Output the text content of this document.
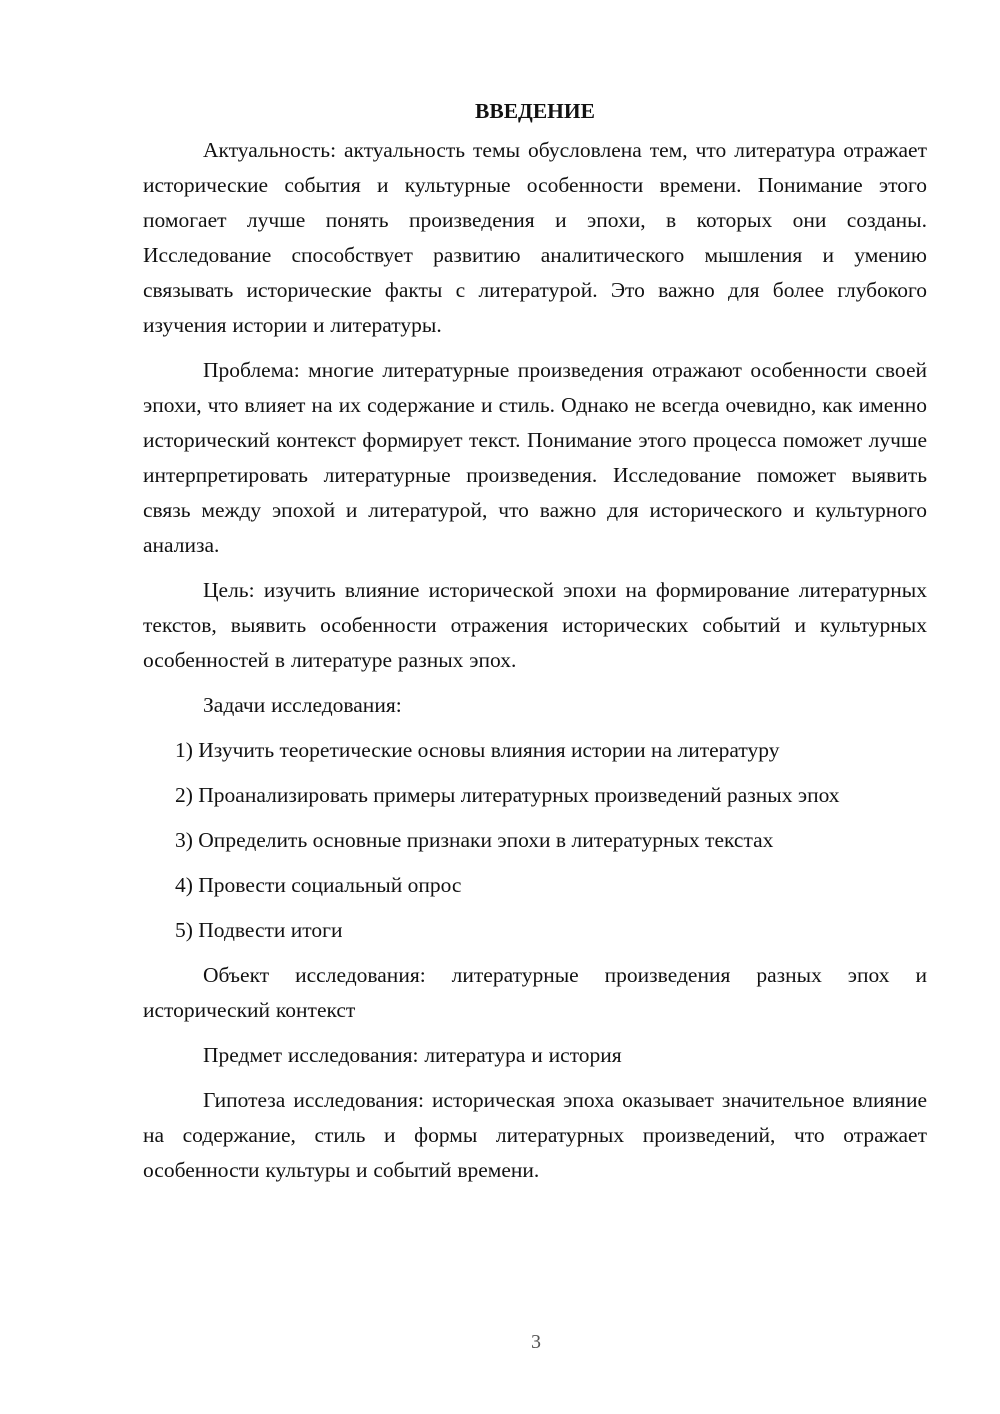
ВВЕДЕНИЕ

Актуальность: актуальность темы обусловлена тем, что литература отражает исторические события и культурные особенности времени. Понимание этого помогает лучше понять произведения и эпохи, в которых они созданы. Исследование способствует развитию аналитического мышления и умению связывать исторические факты с литературой. Это важно для более глубокого изучения истории и литературы.

Проблема: многие литературные произведения отражают особенности своей эпохи, что влияет на их содержание и стиль. Однако не всегда очевидно, как именно исторический контекст формирует текст. Понимание этого процесса поможет лучше интерпретировать литературные произведения. Исследование поможет выявить связь между эпохой и литературой, что важно для исторического и культурного анализа.

Цель: изучить влияние исторической эпохи на формирование литературных текстов, выявить особенности отражения исторических событий и культурных особенностей в литературе разных эпох.

Задачи исследования:

1) Изучить теоретические основы влияния истории на литературу

2) Проанализировать примеры литературных произведений разных эпох

3) Определить основные признаки эпохи в литературных текстах

4) Провести социальный опрос

5) Подвести итоги

Объект исследования: литературные произведения разных эпох и исторический контекст

Предмет исследования: литература и история

Гипотеза исследования: историческая эпоха оказывает значительное влияние на содержание, стиль и формы литературных произведений, что отражает особенности культуры и событий времени.

3
